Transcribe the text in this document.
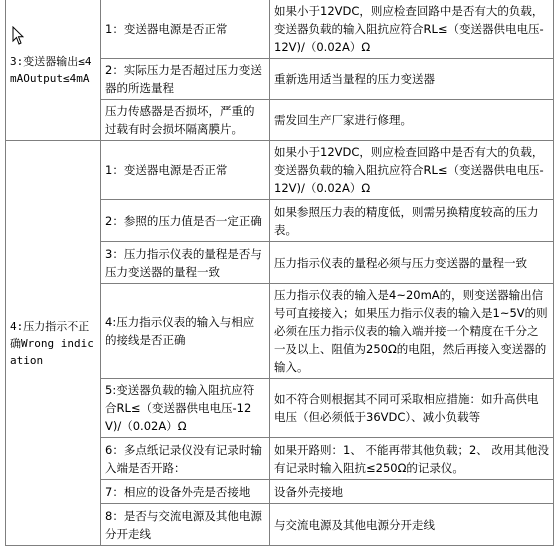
3:变送器输出≤4mAOutput≤4mA	1：变送器电源是否正常	如果小于12VDC，则应检查回路中是否有大的负载，变送器负载的输入阻抗应符合RL≤（变送器供电电压-12V)/（0.02A）Ω
	2：实际压力是否超过压力变送器的所选量程	重新选用适当量程的压力变送器
	压力传感器是否损坏，严重的过载有时会损坏隔离膜片。	需发回生产厂家进行修理。
4:压力指示不正确Wrong indication	1：变送器电源是否正常	如果小于12VDC，则应检查回路中是否有大的负载，变送器负载的输入阻抗应符合RL≤（变送器供电电压-12V)/（0.02A）Ω
	2：参照的压力值是否一定正确	如果参照压力表的精度低，则需另换精度较高的压力表。
	3：压力指示仪表的量程是否与压力变送器的量程一致	压力指示仪表的量程必须与压力变送器的量程一致
	4:压力指示仪表的输入与相应的接线是否正确	压力指示仪表的输入是4~20mA的，则变送器输出信号可直接接入；如果压力指示仪表的输入是1~5V的则必须在压力指示仪表的输入端并接一个精度在千分之一及以上、阻值为250Ω的电阻，然后再接入变送器的输入。
	5:变送器负载的输入阻抗应符合RL≤（变送器供电电压-12V)/（0.02A）Ω	如不符合则根据其不同可采取相应措施：如升高供电电压（但必须低于36VDC）、减小负载等
	6：多点纸记录仪没有记录时输入端是否开路：	如果开路则：1、 不能再带其他负载；2、 改用其他没有记录时输入阻抗≤250Ω的记录仪。
	7：相应的设备外壳是否接地	设备外壳接地
	8：是否与交流电源及其他电源分开走线	与交流电源及其他电源分开走线
